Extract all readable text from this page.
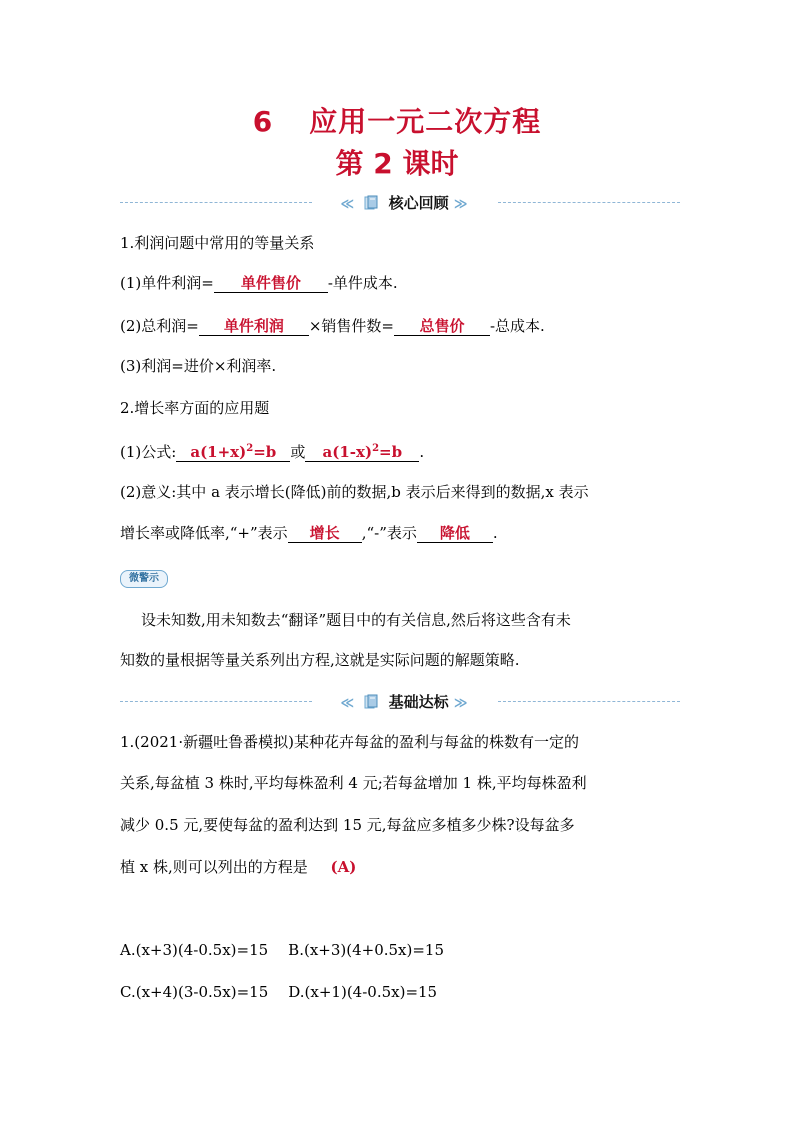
6 应用一元二次方程
第 2 课时
≪ 核心回顾 ≫
1.利润问题中常用的等量关系
(1)单件利润= 单件售价 -单件成本.
(2)总利润= 单件利润 ×销售件数= 总售价 -总成本.
(3)利润=进价×利润率.
2.增长率方面的应用题
(1)公式: $a(1+x)^2=b$ 或 $a(1-x)^2=b$ .
(2)意义:其中 a 表示增长(降低)前的数据,b 表示后来得到的数据,x 表示
增长率或降低率,“+”表示 增长 ,“-”表示 降低 .
微警示
设未知数,用未知数去“翻译”题目中的有关信息,然后将这些含有未
知数的量根据等量关系列出方程,这就是实际问题的解题策略.
≪ 基础达标 ≫
1.(2021·新疆吐鲁番模拟)某种花卉每盆的盈利与每盆的株数有一定的
关系,每盆植 3 株时,平均每株盈利 4 元;若每盆增加 1 株,平均每株盈利
减少 0.5 元,要使每盆的盈利达到 15 元,每盆应多植多少株?设每盆多
植 x 株,则可以列出的方程是 (A)
A.(x+3)(4-0.5x)=15 B.(x+3)(4+0.5x)=15
C.(x+4)(3-0.5x)=15 D.(x+1)(4-0.5x)=15
